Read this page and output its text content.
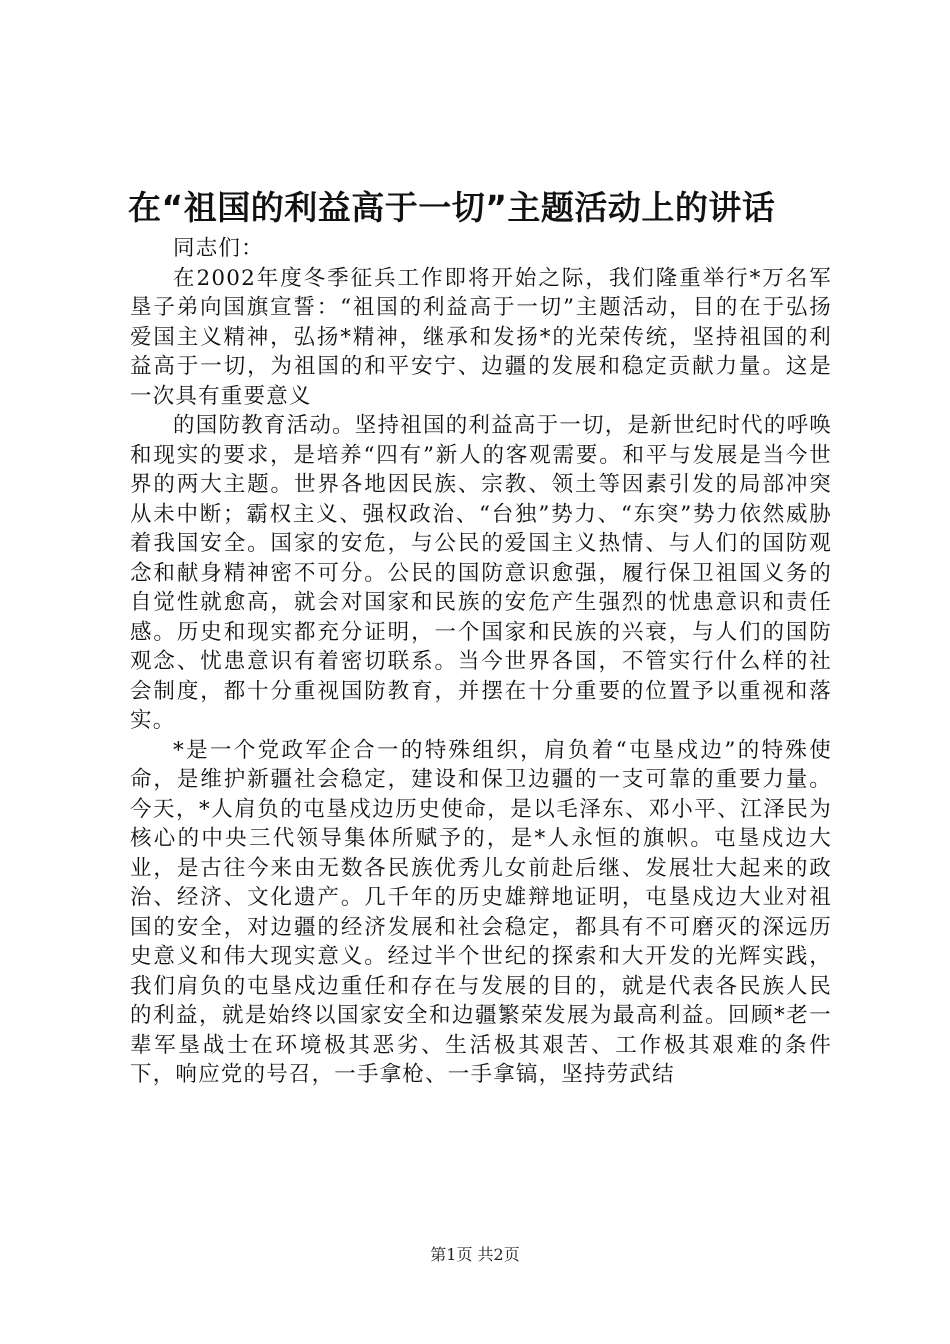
在“祖国的利益高于一切”主题活动上的讲话

同志们：

在2002年度冬季征兵工作即将开始之际，我们隆重举行*万名军垦子弟向国旗宣誓：“祖国的利益高于一切”主题活动，目的在于弘扬爱国主义精神，弘扬*精神，继承和发扬*的光荣传统，坚持祖国的利益高于一切，为祖国的和平安宁、边疆的发展和稳定贡献力量。这是一次具有重要意义

的国防教育活动。坚持祖国的利益高于一切，是新世纪时代的呼唤和现实的要求，是培养“四有”新人的客观需要。和平与发展是当今世界的两大主题。世界各地因民族、宗教、领土等因素引发的局部冲突从未中断；霸权主义、强权政治、“台独”势力、“东突”势力依然威胁着我国安全。国家的安危，与公民的爱国主义热情、与人们的国防观念和献身精神密不可分。公民的国防意识愈强，履行保卫祖国义务的自觉性就愈高，就会对国家和民族的安危产生强烈的忧患意识和责任感。历史和现实都充分证明，一个国家和民族的兴衰，与人们的国防观念、忧患意识有着密切联系。当今世界各国，不管实行什么样的社会制度，都十分重视国防教育，并摆在十分重要的位置予以重视和落实。

*是一个党政军企合一的特殊组织，肩负着“屯垦戍边”的特殊使命，是维护新疆社会稳定，建设和保卫边疆的一支可靠的重要力量。今天，*人肩负的屯垦戍边历史使命，是以毛泽东、邓小平、江泽民为核心的中央三代领导集体所赋予的，是*人永恒的旗帜。屯垦戍边大业，是古往今来由无数各民族优秀儿女前赴后继、发展壮大起来的政治、经济、文化遗产。几千年的历史雄辩地证明，屯垦戍边大业对祖国的安全，对边疆的经济发展和社会稳定，都具有不可磨灭的深远历史意义和伟大现实意义。经过半个世纪的探索和大开发的光辉实践，我们肩负的屯垦戍边重任和存在与发展的目的，就是代表各民族人民的利益，就是始终以国家安全和边疆繁荣发展为最高利益。回顾*老一辈军垦战士在环境极其恶劣、生活极其艰苦、工作极其艰难的条件下，响应党的号召，一手拿枪、一手拿镐，坚持劳武结

第1页 共2页
